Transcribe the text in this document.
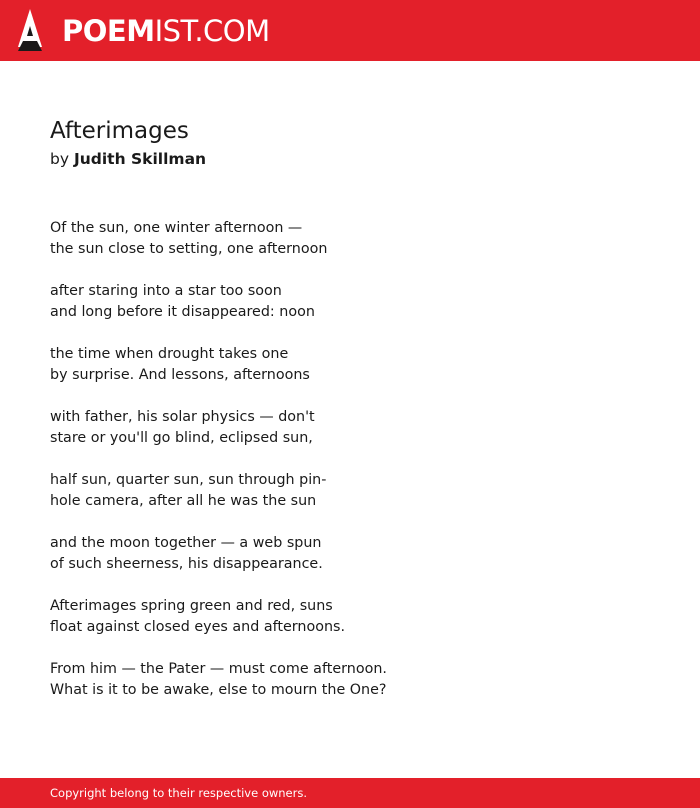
POEMIST.COM
Afterimages
by Judith Skillman

Of the sun, one winter afternoon —
the sun close to setting, one afternoon

after staring into a star too soon
and long before it disappeared: noon

the time when drought takes one
by surprise. And lessons, afternoons

with father, his solar physics — don't
stare or you'll go blind, eclipsed sun,

half sun, quarter sun, sun through pin-
hole camera, after all he was the sun

and the moon together — a web spun
of such sheerness, his disappearance.

Afterimages spring green and red, suns
float against closed eyes and afternoons.

From him — the Pater — must come afternoon.
What is it to be awake, else to mourn the One?

Copyright belong to their respective owners.
